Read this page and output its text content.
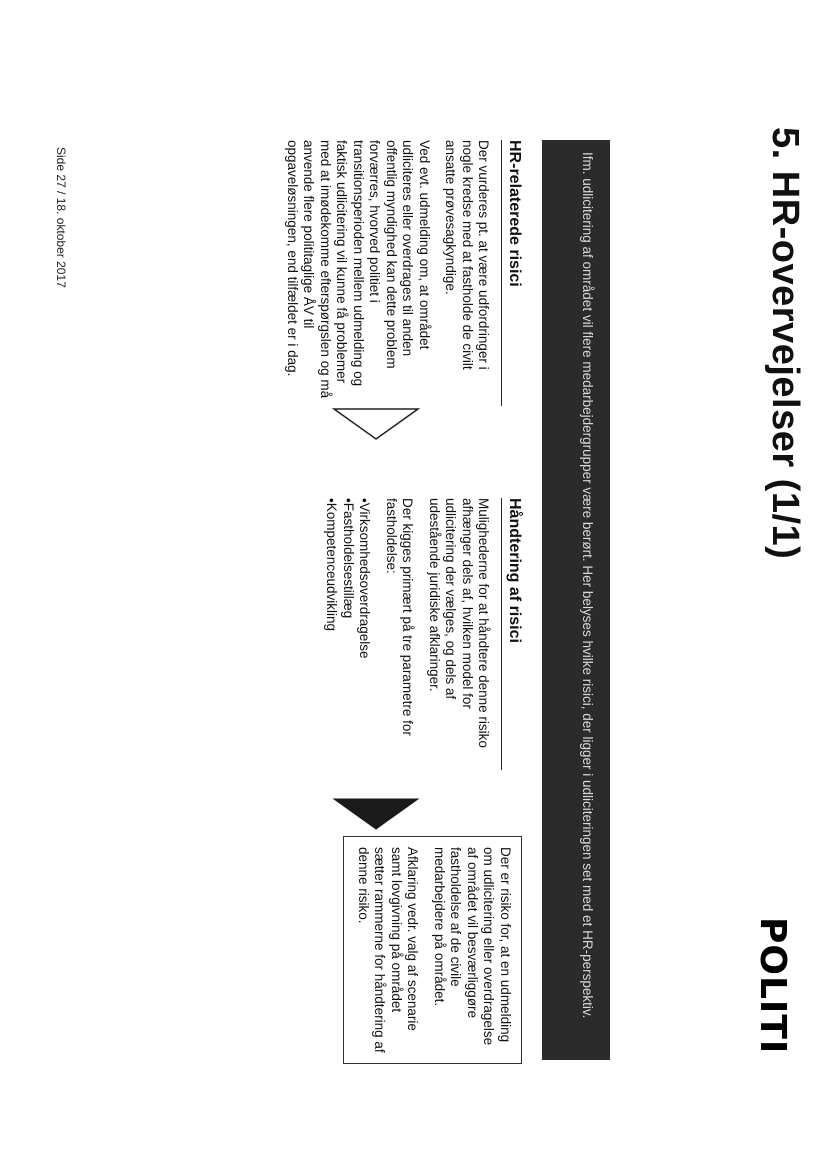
5. HR-overvejelser (1/1)
Ifm. udlicitering af området vil flere medarbejdergrupper være berørt. Her belyses hvilke risici, der ligger i udliciteringen set med et HR-perspektiv.
HR-relaterede risici

Der vurderes pt. at være udfordringer i nogle kredse med at fastholde de civilt ansatte prøvesagkyndige.

Ved evt. udmelding om, at området udliciteres eller overdrages til anden offentlig myndighed kan dette problem forværres, hvorved politiet i transitionsperioden mellem udmelding og faktisk udlicitering vil kunne få problemer med at imødekomme efterspørgslen og må anvende flere polititaglige ÅV til opgaveløsningen, end tilfældet er i dag.

Håndtering af risici

Mulighederne for at håndtere denne risiko afhænger dels af, hvilken model for udlicitering der vælges, og dels af udestående juridiske afklaringer.

Der kigges primært på tre parametre for fastholdelse:

• Virksomhedsoverdragelse
• Fastholdelsestillæg
• Kompetenceudvikling

Der er risiko for, at en udmelding om udlicitering eller overdragelse af området vil besværliggøre fastholdelse af de civile medarbejdere på området.

Afklaring vedr. valg af scenarie samt lovgivning på området sætter rammerne for håndtering af denne risiko.

POLITI
Side 27 / 18. oktober 2017
